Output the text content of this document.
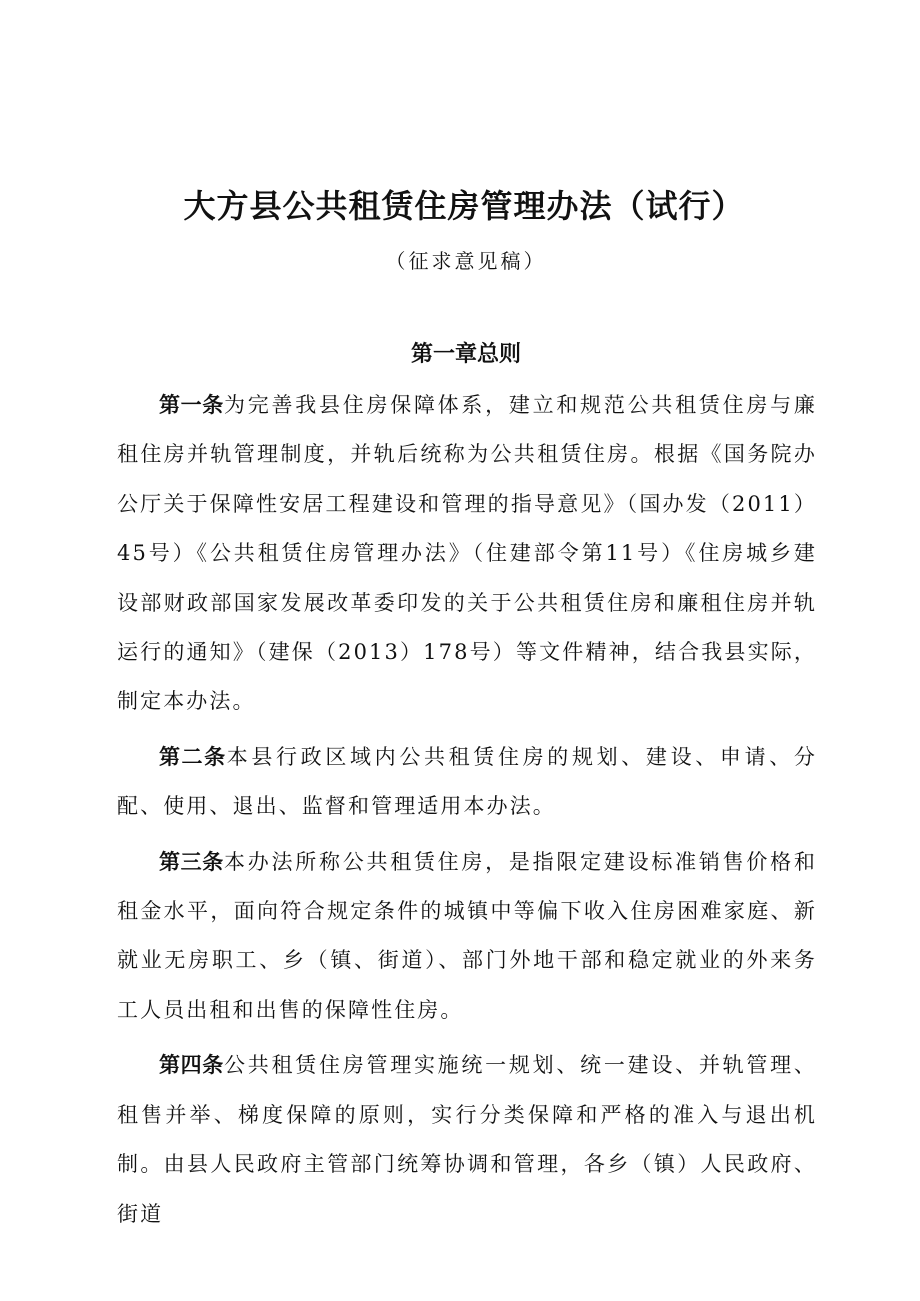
大方县公共租赁住房管理办法（试行）
（征求意见稿）
第一章总则

第一条为完善我县住房保障体系，建立和规范公共租赁住房与廉租住房并轨管理制度，并轨后统称为公共租赁住房。根据《国务院办公厅关于保障性安居工程建设和管理的指导意见》（国办发（2011）45号）《公共租赁住房管理办法》（住建部令第11号）《住房城乡建设部财政部国家发展改革委印发的关于公共租赁住房和廉租住房并轨运行的通知》（建保（2013）178号）等文件精神，结合我县实际，制定本办法。

第二条本县行政区域内公共租赁住房的规划、建设、申请、分配、使用、退出、监督和管理适用本办法。

第三条本办法所称公共租赁住房，是指限定建设标准销售价格和租金水平，面向符合规定条件的城镇中等偏下收入住房困难家庭、新就业无房职工、乡（镇、街道）、部门外地干部和稳定就业的外来务工人员出租和出售的保障性住房。

第四条公共租赁住房管理实施统一规划、统一建设、并轨管理、租售并举、梯度保障的原则，实行分类保障和严格的准入与退出机制。由县人民政府主管部门统筹协调和管理，各乡（镇）人民政府、街道
